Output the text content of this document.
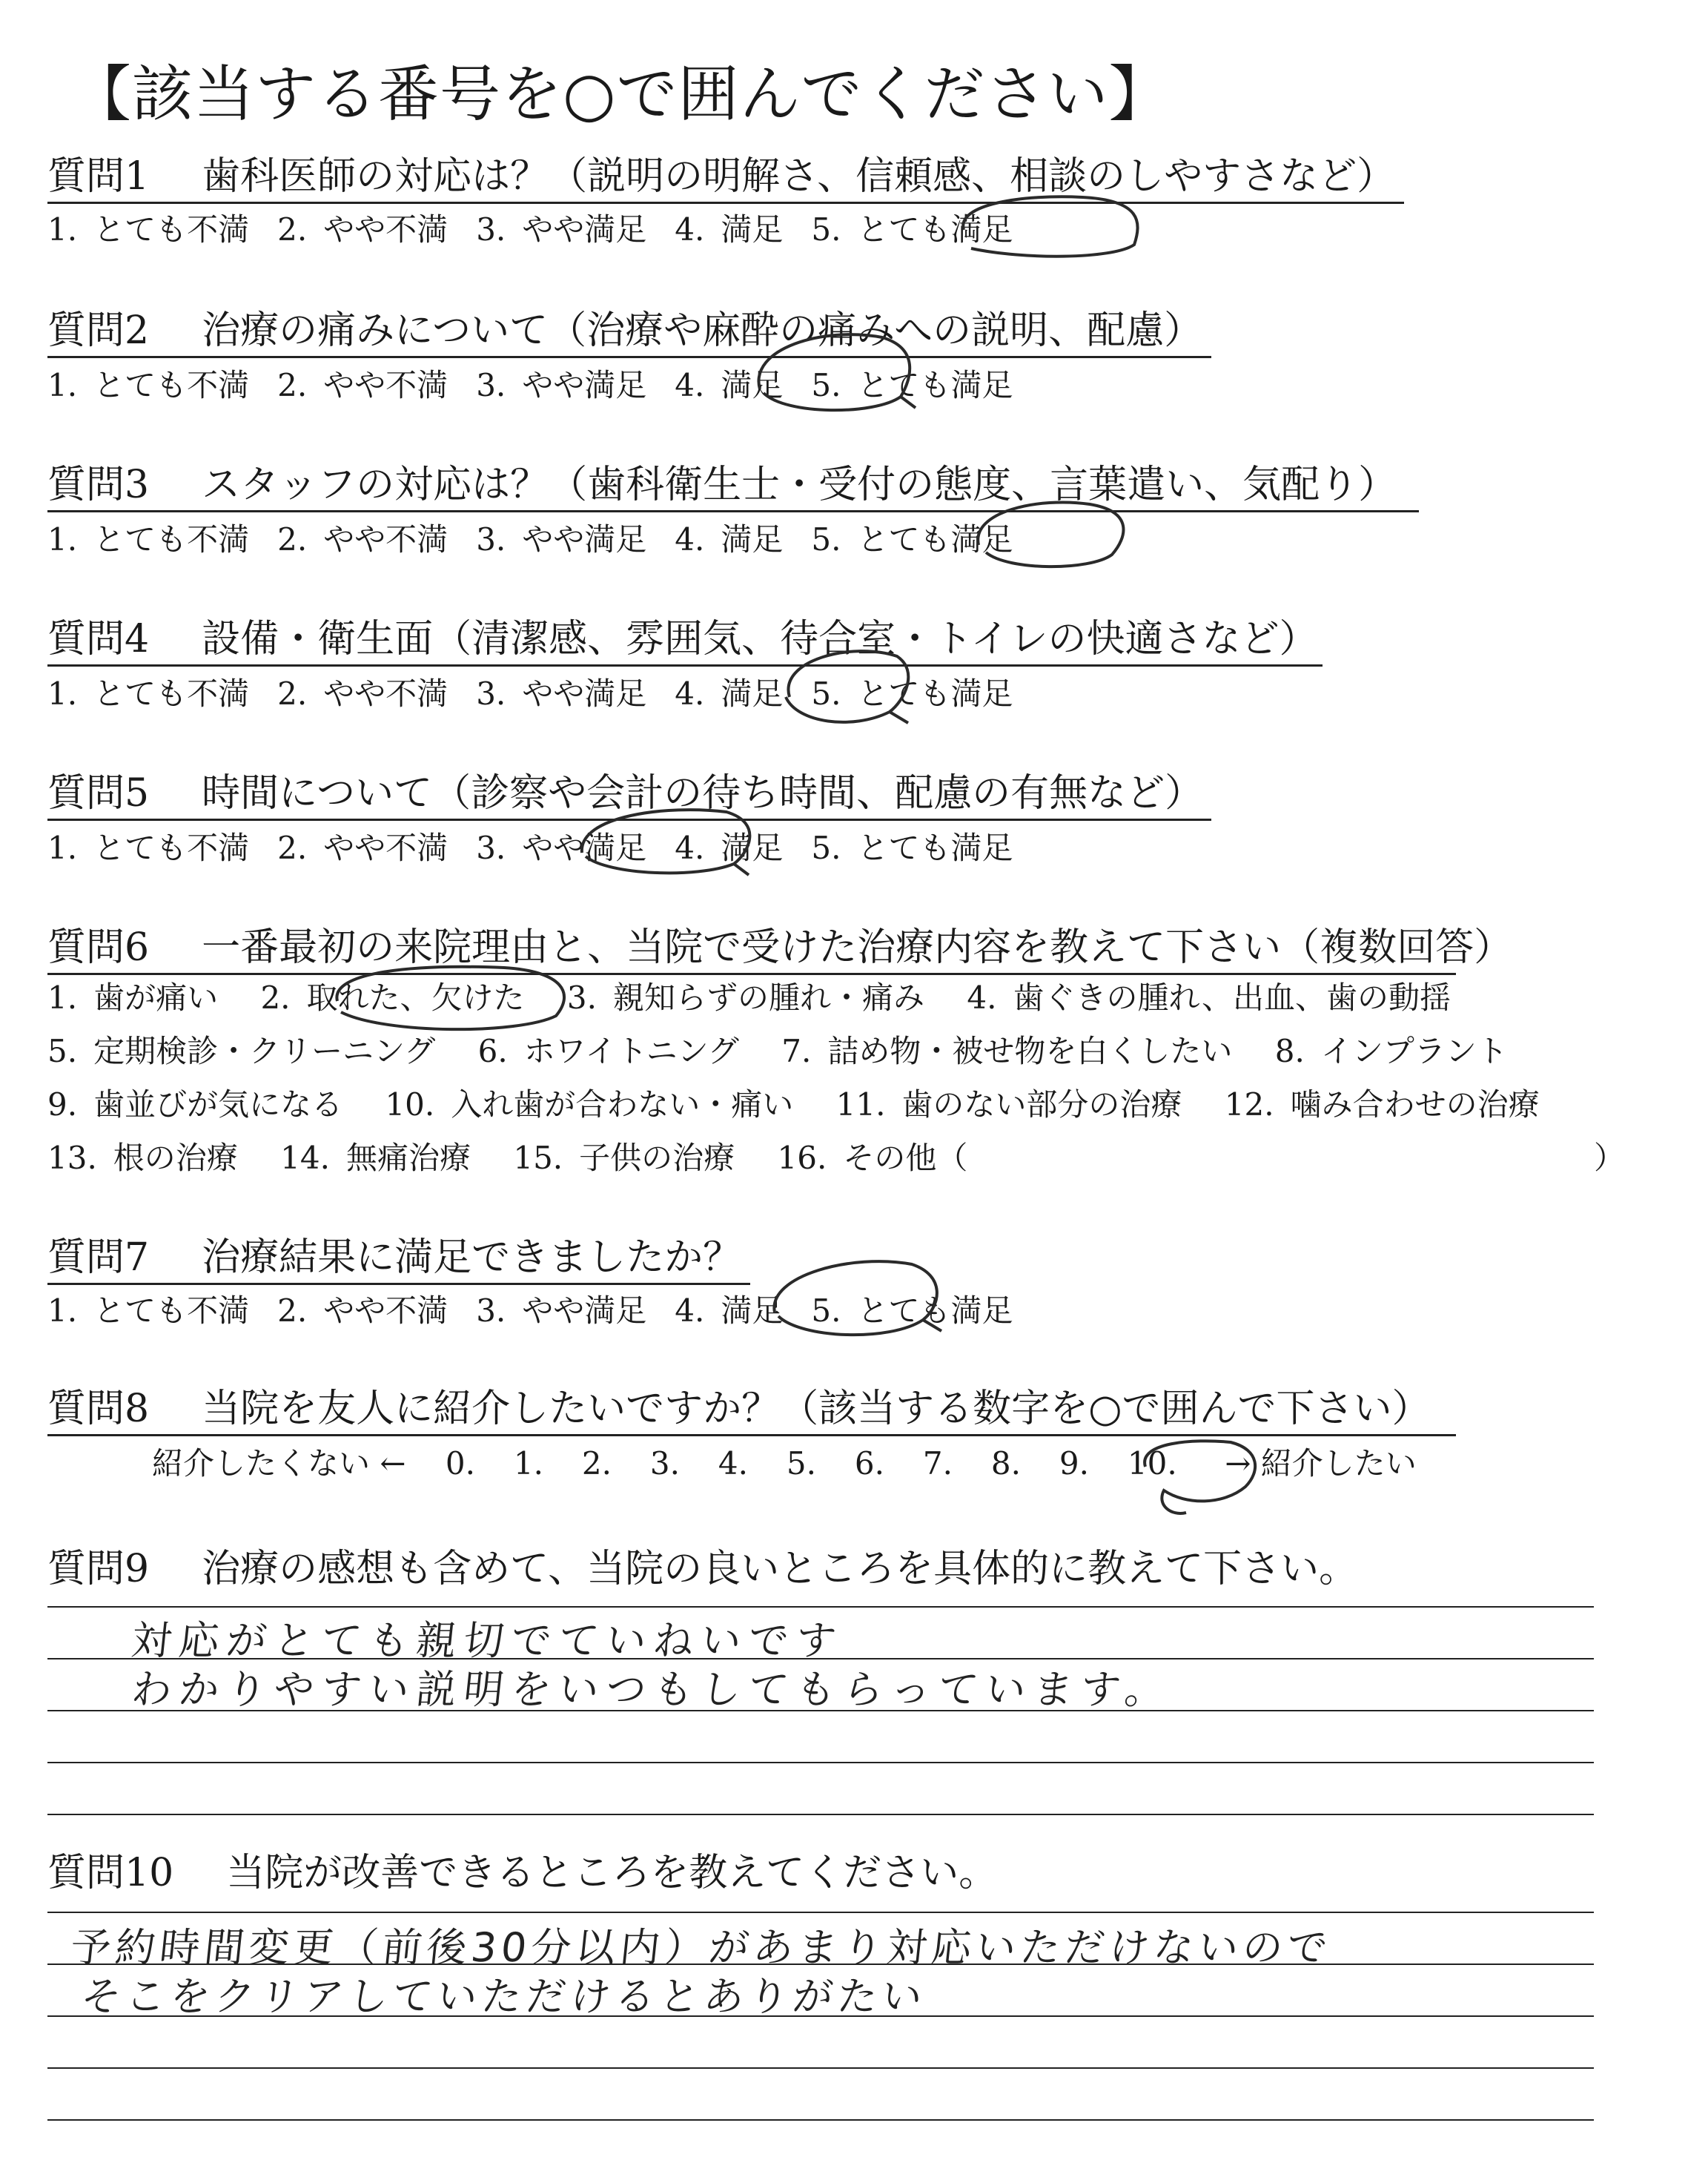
【該当する番号を○で囲んでください】
質問1 歯科医師の対応は？（説明の明解さ、信頼感、相談のしやすさなど）
1. とても不満 2. やや不満 3. やや満足 4. 満足 5. とても満足
質問2 治療の痛みについて（治療や麻酔の痛みへの説明、配慮）
1. とても不満 2. やや不満 3. やや満足 4. 満足 5. とても満足
質問3 スタッフの対応は？（歯科衛生士・受付の態度、言葉遣い、気配り）
1. とても不満 2. やや不満 3. やや満足 4. 満足 5. とても満足
質問4 設備・衛生面（清潔感、雰囲気、待合室・トイレの快適さなど）
1. とても不満 2. やや不満 3. やや満足 4. 満足 5. とても満足
質問5 時間について（診察や会計の待ち時間、配慮の有無など）
1. とても不満 2. やや不満 3. やや満足 4. 満足 5. とても満足
質問6 一番最初の来院理由と、当院で受けた治療内容を教えて下さい（複数回答）
1. 歯が痛い 2. 取れた、欠けた 3. 親知らずの腫れ・痛み 4. 歯ぐきの腫れ、出血、歯の動揺
5. 定期検診・クリーニング 6. ホワイトニング 7. 詰め物・被せ物を白くしたい 8. インプラント
9. 歯並びが気になる 10. 入れ歯が合わない・痛い 11. 歯のない部分の治療 12. 噛み合わせの治療
13. 根の治療 14. 無痛治療 15. 子供の治療 16. その他（	）
質問7 治療結果に満足できましたか？
1. とても不満 2. やや不満 3. やや満足 4. 満足 5. とても満足
質問8 当院を友人に紹介したいですか？（該当する数字を○で囲んで下さい）
紹介したくない ← 0. 1. 2. 3. 4. 5. 6. 7. 8. 9. 10. → 紹介したい
質問9 治療の感想も含めて、当院の良いところを具体的に教えて下さい。
対応がとても親切でていねいです
わかりやすい説明をいつもしてもらっています。
質問10 当院が改善できるところを教えてください。
予約時間変更（前後30分以内）があまり対応いただけないので
そこをクリアしていただけるとありがたい
